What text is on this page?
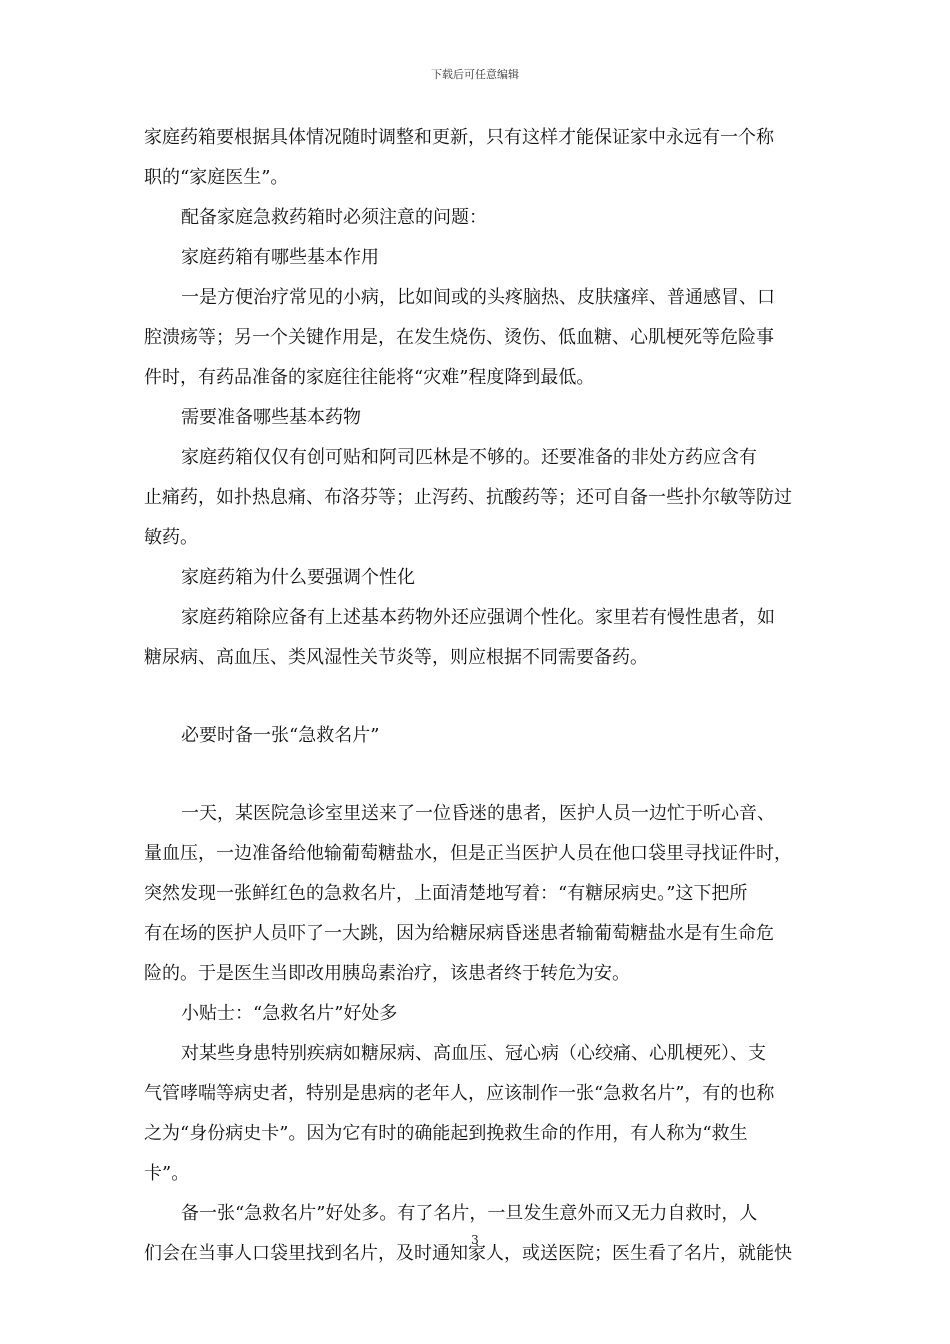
下载后可任意编辑
家庭药箱要根据具体情况随时调整和更新，只有这样才能保证家中永远有一个称
职的“家庭医生”。
配备家庭急救药箱时必须注意的问题：
家庭药箱有哪些基本作用
一是方便治疗常见的小病，比如间或的头疼脑热、皮肤瘙痒、普通感冒、口
腔溃疡等；另一个关键作用是，在发生烧伤、烫伤、低血糖、心肌梗死等危险事
件时，有药品准备的家庭往往能将“灾难”程度降到最低。
需要准备哪些基本药物
家庭药箱仅仅有创可贴和阿司匹林是不够的。还要准备的非处方药应含有
止痛药，如扑热息痛、布洛芬等；止泻药、抗酸药等；还可自备一些扑尔敏等防过
敏药。
家庭药箱为什么要强调个性化
家庭药箱除应备有上述基本药物外还应强调个性化。家里若有慢性患者，如
糖尿病、高血压、类风湿性关节炎等，则应根据不同需要备药。
必要时备一张“急救名片”
一天，某医院急诊室里送来了一位昏迷的患者，医护人员一边忙于听心音、
量血压，一边准备给他输葡萄糖盐水，但是正当医护人员在他口袋里寻找证件时，
突然发现一张鲜红色的急救名片，上面清楚地写着：“有糖尿病史。”这下把所
有在场的医护人员吓了一大跳，因为给糖尿病昏迷患者输葡萄糖盐水是有生命危
险的。于是医生当即改用胰岛素治疗，该患者终于转危为安。
小贴士：“急救名片”好处多
对某些身患特别疾病如糖尿病、高血压、冠心病（心绞痛、心肌梗死）、支
气管哮喘等病史者，特别是患病的老年人，应该制作一张“急救名片”，有的也称
之为“身份病史卡”。因为它有时的确能起到挽救生命的作用，有人称为“救生
卡”。
备一张“急救名片”好处多。有了名片，一旦发生意外而又无力自救时，人
们会在当事人口袋里找到名片，及时通知家人，或送医院；医生看了名片，就能快
3
